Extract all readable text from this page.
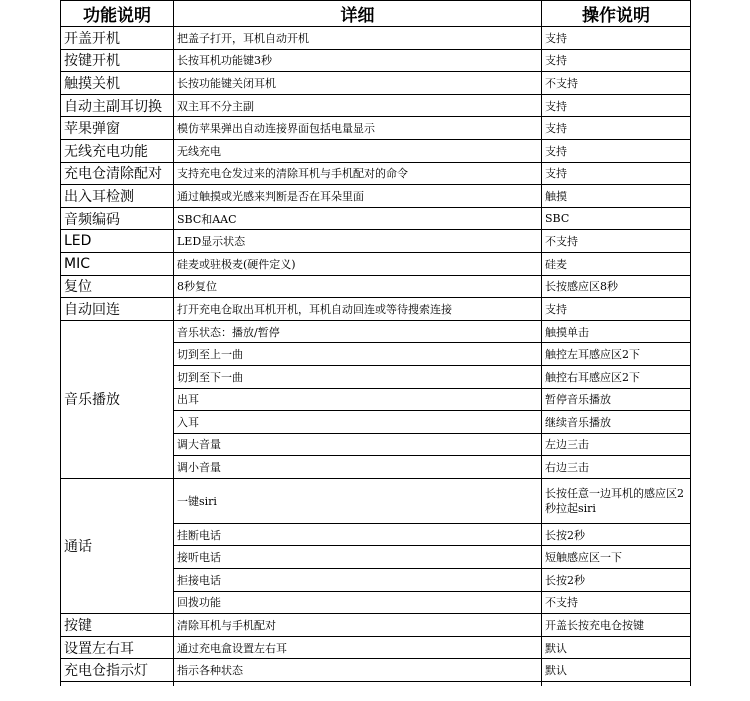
功能说明	详细	操作说明
开盖开机	把盖子打开，耳机自动开机	支持
按键开机	长按耳机功能键3秒	支持
触摸关机	长按功能键关闭耳机	不支持
自动主副耳切换	双主耳不分主副	支持
苹果弹窗	模仿苹果弹出自动连接界面包括电量显示	支持
无线充电功能	无线充电	支持
充电仓清除配对	支持充电仓发过来的清除耳机与手机配对的命令	支持
出入耳检测	通过触摸或光感来判断是否在耳朵里面	触摸
音频编码	SBC和AAC	SBC
LED	LED显示状态	不支持
MIC	硅麦或驻极麦(硬件定义)	硅麦
复位	8秒复位	长按感应区8秒
自动回连	打开充电仓取出耳机开机，耳机自动回连或等待搜索连接	支持
音乐播放	音乐状态：播放/暂停	触摸单击
	切到至上一曲	触控左耳感应区2下
	切到至下一曲	触控右耳感应区2下
	出耳	暂停音乐播放
	入耳	继续音乐播放
	调大音量	左边三击
	调小音量	右边三击
通话	一键siri	长按任意一边耳机的感应区2秒拉起siri
	挂断电话	长按2秒
	接听电话	短触感应区一下
	拒接电话	长按2秒
	回拨功能	不支持
按键	清除耳机与手机配对	开盖长按充电仓按键
设置左右耳	通过充电盒设置左右耳	默认
充电仓指示灯	指示各种状态	默认
